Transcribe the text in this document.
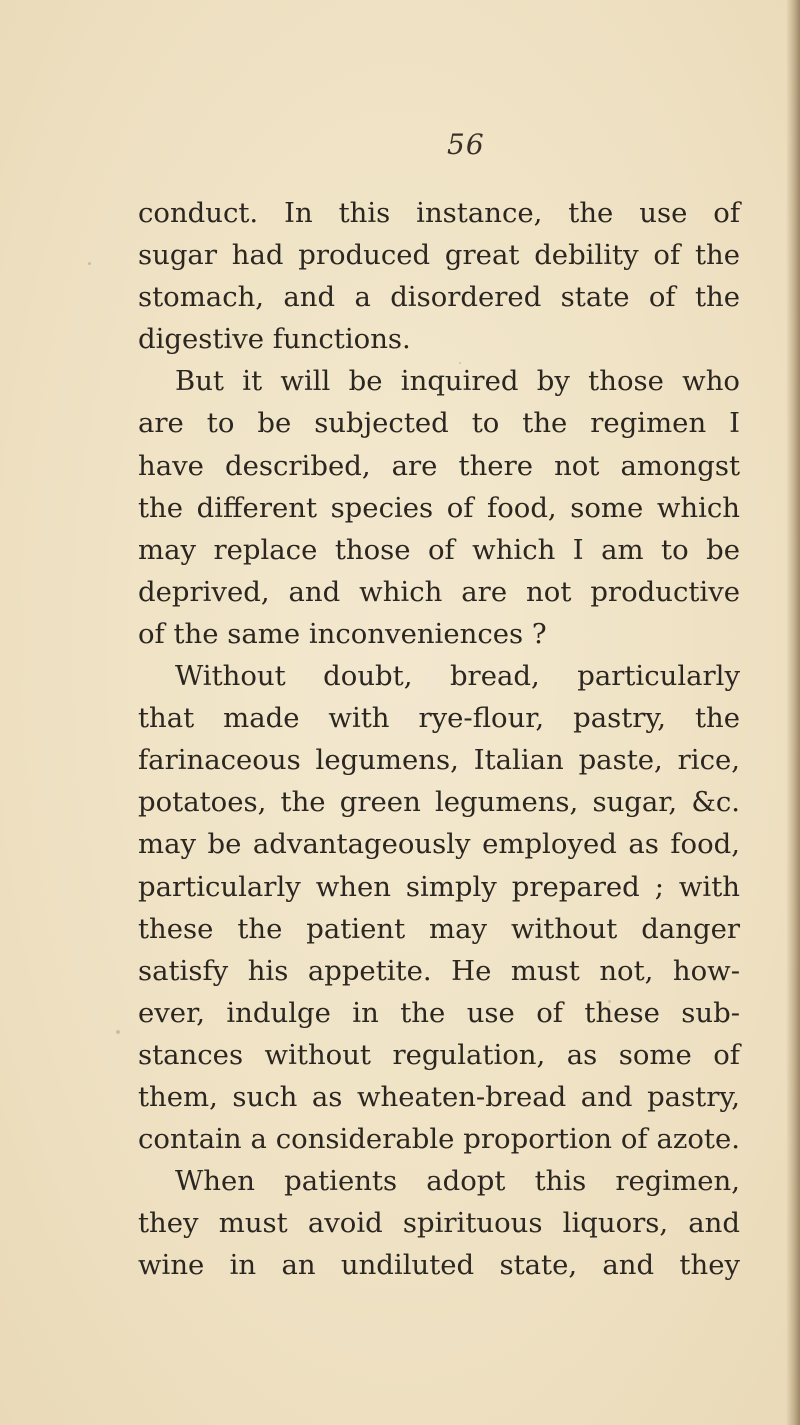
56
conduct. In this instance, the use of
sugar had produced great debility of the
stomach, and a disordered state of the
digestive functions.
But it will be inquired by those who
are to be subjected to the regimen I
have described, are there not amongst
the different species of food, some which
may replace those of which I am to be
deprived, and which are not productive
of the same inconveniences ?
Without doubt, bread, particularly
that made with rye-flour, pastry, the
farinaceous legumens, Italian paste, rice,
potatoes, the green legumens, sugar, &c.
may be advantageously employed as food,
particularly when simply prepared ; with
these the patient may without danger
satisfy his appetite. He must not, how-
ever, indulge in the use of these sub-
stances without regulation, as some of
them, such as wheaten-bread and pastry,
contain a considerable proportion of azote.
When patients adopt this regimen,
they must avoid spirituous liquors, and
wine in an undiluted state, and they
